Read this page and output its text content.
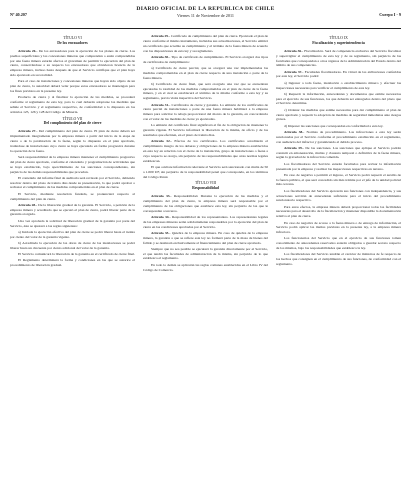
Nº 40.207
DIARIO OFICIAL DE LA REPUBLICA DE CHILE
Viernes 11 de Noviembre de 2011	Cuerpo I - 9
TÍTULO VI
De los envasadores

Artículo 26.- De los envasadores para la ejecución de los planes de cierre. Los predios superficiales y las concesiones mineras que comprendan o estén comprendidas por una faena minera estarán afectos al gravamen de permitir la ejecución del plan de cierre, conservándose a su respecto los envasadores que obtuvieron licencia de la empresa minera, incluso hasta después de que el Servicio certifique que el plan haya sido ejecutado en su totalidad.

Para el caso de instalaciones y concesiones mineras que hayan sido objeto de un plan de cierre, la autoridad deberá velar porque estos envasadores se mantengan para los fines previstos en la presente ley.

Producto de cierre y al finalizar la ejecución de las medidas, se procederá conforme al reglamento de esta ley, para lo cual deberán adoptarse las medidas que señale el Servicio y el reglamento respectivo, de conformidad a lo dispuesto en los artículos 125, 126 y 128 del Código de Minería.

TÍTULO VII
Del cumplimiento del plan de cierre

Artículo 27.- Del cumplimiento del plan de cierre. El plan de cierre deberá ser implementado íntegramente por la empresa minera a partir del inicio de la etapa de cierre o de la paralización de la faena, según lo dispuesto en el plan aprobado, tratándose de instalaciones cuyo cierre se haya ejecutado en forma progresiva durante la operación de la faena.

Será responsabilidad de la empresa minera mantener el cumplimiento progresivo del plan de cierre aprobado, conforme al calendario y programación de actividades que se haya establecido, bajo apercibimiento de las sanciones correspondientes, sin perjuicio de las demás responsabilidades que procedan.

El contenido del informe final de auditoría será revisado por el Servicio, debiendo resolver dentro del plazo de treinta días desde su presentación, la que podrá aprobar o rechazar el cumplimiento de las medidas comprometidas en el plan de cierre.

El Servicio, mediante resolución fundada, se pronunciará respecto al cumplimiento del plan de cierre.

Artículo 28.- De la liberación gradual de la garantía. El Servicio, a petición de la empresa minera y acreditado que se ejecutó el plan de cierre, podrá liberar parte de la garantía otorgada.

Una vez aprobada la solicitud de liberación gradual de la garantía por parte del Servicio, éste se ajustará a las reglas siguientes:

a) Iniciada la ejecución efectiva del plan de cierre se podrá liberar hasta el treinta por ciento del valor de la garantía vigente.

b) Acreditada la ejecución de las obras de cierre de las instalaciones se podrá liberar hasta un cincuenta por ciento adicional del valor de la garantía.

El Servicio comunicará la liberación de la garantía en el certificado de cierre final.

El Reglamento determinará la forma y condiciones en las que se autorice el procedimiento de liberación gradual.

Artículo 29.- Certificado de cumplimiento del plan de cierre. Ejecutado el plan de cierre conforme al mismo instrumento, incluidas sus actualizaciones, el Servicio emitirá un certificado que acredite su cumplimiento y el término de la faena minera de acuerdo con las disposiciones de esta ley y su reglamento.

Artículo 30.- Tipo de certificado de cumplimiento. El Servicio otorgará dos tipos de certificados de cumplimiento:

a) Certificado de cierre parcial, que se otorgará una vez implementadas las medidas comprometidas en el plan de cierre respecto de una instalación o parte de la faena minera.

b) Certificado de cierre final, que será otorgado una vez que se encuentren ejecutadas la totalidad de las medidas comprometidas en el plan de cierre de la faena minera, y en el cual se establecerá el término de la misma conforme a esta ley y su reglamento, previa visita inspectiva del Servicio.

Artículo 31.- Certificados de cierre y garantía. La emisión de los certificados de cierre parcial de instalaciones o parte de una faena minera habilitará a la empresa minera para solicitar la rebaja proporcional del monto de la garantía, en concordancia con el valor de las medidas de cierre ya ejecutadas.

La emisión del certificado final significará el fin de la obligación de mantener la garantía vigente. El Servicio informará la liberación de la misma, de oficio y de los resultados que efectúen, en el plazo de treinta días.

Artículo 32.- Efectos de los certificados. Los certificados acreditarán el cumplimiento íntegro de los deberes y obligaciones de la empresa minera establecidos en esta ley en relación con el cierre de la instalación, grupo de instalaciones o faena a cuyo respecto se otorga, sin perjuicio de las responsabilidades que otras normas legales establezcan.

El que ocultare información relevante al Servicio será sancionado con multa de 50 a 1.000 UF, sin perjuicio de la responsabilidad penal que corresponda, en los términos del Código Penal.

TÍTULO VIII
Responsabilidad

Artículo 33.- Responsabilidad. Durante la ejecución de las medidas y el cumplimiento del plan de cierre, la empresa minera será responsable por el cumplimiento de las obligaciones que establece esta ley, sin perjuicio de las que le correspondan a terceros.

Artículo 34.- Responsabilidad de los representantes. Los representantes legales de las empresas mineras serán solidariamente responsables por la ejecución del plan de cierre en las condiciones aprobadas por el Servicio.

Artículo 35.- Quiebra de la empresa minera. En caso de quiebra de la empresa minera, la garantía a que se refiere esta ley no formará parte de la masa de bienes del fallido y se destinará exclusivamente al financiamiento del plan de cierre aprobado.

Siempre que no sea posible se ejecutará la garantía directamente por el Servicio, el que tendrá las facultades de administración de la misma, sin perjuicio de lo que establezca el reglamento.

En todo lo demás se aplicarán las reglas comunes establecidas en el Libro IV del Código de Comercio.

TÍTULO IX
Fiscalización y superintendencia

Artículo 36.- Fiscalización. Será de competencia exclusiva del Servicio fiscalizar y supervigilar el cumplimiento de esta ley y de su reglamento, sin perjuicio de las facultades que correspondan a otros órganos de la Administración del Estado dentro del ámbito de sus competencias.

Artículo 37.- Facultades fiscalizadoras. En virtud de las atribuciones conferidas por esta ley, el Servicio podrá:

a) Ingresar a toda faena, instalación o establecimiento minero y efectuar las inspecciones necesarias para verificar el cumplimiento de esta ley.

b) Requerir la información, antecedentes y documentos que estime necesarios para el ejercicio de sus funciones, los que deberán ser entregados dentro del plazo que el Servicio determine.

c) Ordenar las medidas que estime necesarias para dar cumplimiento al plan de cierre aprobado y requerir la adopción de medidas de seguridad inmediatas ante riesgos graves.

d) Imponer las sanciones que correspondan en conformidad a esta ley.

Artículo 38.- Normas de procedimiento. Las infracciones a esta ley serán sancionadas por el Servicio conforme al procedimiento establecido en el reglamento, con audiencia del infractor y garantizando el debido proceso.

Artículo 39.- De las sanciones. Las sanciones que aplique el Servicio podrán consistir en amonestación, multas y clausura temporal o definitiva de la faena minera, según la gravedad de la infracción cometida.

Los fiscalizadores del Servicio estarán facultados para revisar la información presentada por la empresa y realizar las inspecciones respectivas en terreno.

En caso de negativa a permitir el ingreso, el Servicio podrá requerir el auxilio de la fuerza pública, el que será concedido sin más trámite por el jefe de la unidad policial más cercana.

Los fiscalizadores del Servicio ejercerán sus funciones con independencia, y sus actuaciones servirán de antecedente suficiente para el inicio del procedimiento sancionatorio respectivo.

Para estos efectos, la empresa minera deberá proporcionar todas las facilidades necesarias para el desarrollo de la fiscalización y mantener disponible la documentación relativa al plan de cierre.

En caso de negativa de acceso a la faena minera o de entrega de información, el Servicio podrá aplicar las multas previstas en la presente ley, a la empresa minera infractora.

Los funcionarios del Servicio que en el ejercicio de sus funciones tomen conocimiento de antecedentes reservados estarán obligados a guardar secreto respecto de los mismos, bajo las responsabilidades que establezca la ley.

Los fiscalizadores del Servicio tendrán el carácter de ministros de fe respecto de los hechos que consignen en el cumplimiento de sus funciones, de conformidad con el reglamento.
